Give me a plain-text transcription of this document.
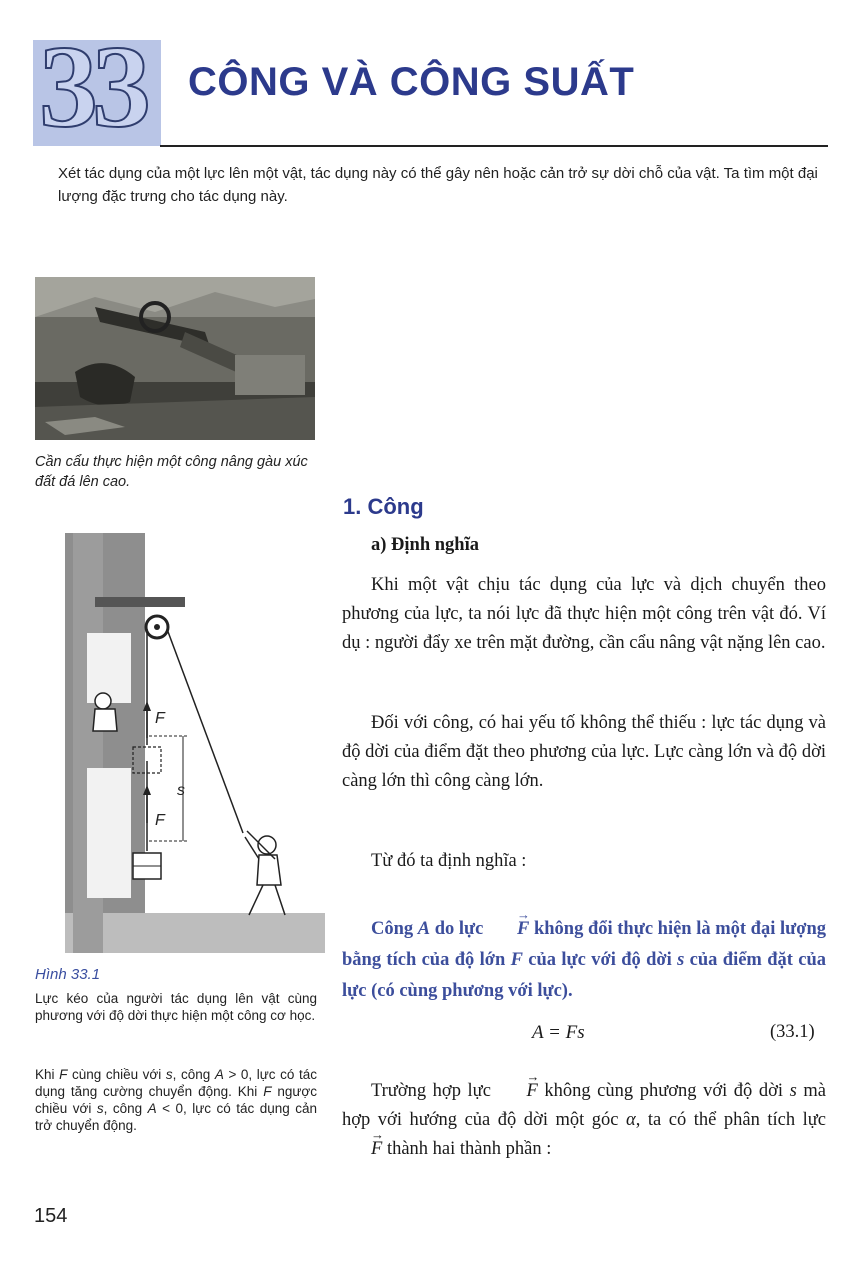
33 CÔNG VÀ CÔNG SUẤT
Xét tác dụng của một lực lên một vật, tác dụng này có thể gây nên hoặc cản trở sự dời chỗ của vật. Ta tìm một đại lượng đặc trưng cho tác dụng này.
Cần cẩu thực hiện một công nâng gàu xúc đất đá lên cao.
F
F
s
Hình 33.1
Lực kéo của người tác dụng lên vật cùng phương với độ dời thực hiện một công cơ học.
Khi F cùng chiều với s, công A > 0, lực có tác dụng tăng cường chuyển động. Khi F ngược chiều với s, công A < 0, lực có tác dụng cản trở chuyển động.
154
1. Công
a) Định nghĩa
Khi một vật chịu tác dụng của lực và dịch chuyển theo phương của lực, ta nói lực đã thực hiện một công trên vật đó. Ví dụ : người đẩy xe trên mặt đường, cần cẩu nâng vật nặng lên cao.
Đối với công, có hai yếu tố không thể thiếu : lực tác dụng và độ dời của điểm đặt theo phương của lực. Lực càng lớn và độ dời càng lớn thì công càng lớn.
Từ đó ta định nghĩa :
Công A do lực → F không đổi thực hiện là một đại lượng bằng tích của độ lớn F của lực với độ dời s của điểm đặt của lực (có cùng phương với lực).
A = Fs	(33.1)
Trường hợp lực → F không cùng phương với độ dời s mà hợp với hướng của độ dời một góc α, ta có thể phân tích lực → F thành hai thành phần :
